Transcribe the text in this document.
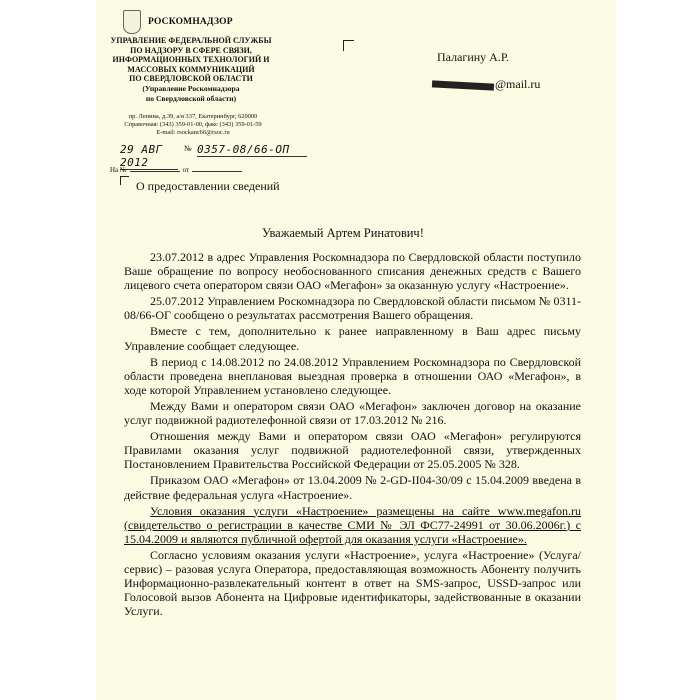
РОСКОМНАДЗОР
УПРАВЛЕНИЕ ФЕДЕРАЛЬНОЙ СЛУЖБЫ
ПО НАДЗОРУ В СФЕРЕ СВЯЗИ,
ИНФОРМАЦИОННЫХ ТЕХНОЛОГИЙ И
МАССОВЫХ КОММУНИКАЦИЙ
ПО СВЕРДЛОВСКОЙ ОБЛАСТИ
(Управление Роскомнадзора
по Свердловской области)
пр. Ленина, д.39, а/я 337, Екатеринбург, 620000
Справочная: (343) 359-01-00, факс (343) 359-01-59
E-mail: rsockanc66@rsoc.ru
29 АВГ 2012
№ 0357-08/66-ОП
На №	от
Палагину А.Р.
@mail.ru
О предоставлении сведений
Уважаемый Артем Ринатович!

23.07.2012 в адрес Управления Роскомнадзора по Свердловской области поступило Ваше обращение по вопросу необоснованного списания денежных средств с Вашего лицевого счета оператором связи ОАО «Мегафон» за оказанную услугу «Настроение».

25.07.2012 Управлением Роскомнадзора по Свердловской области письмом № 0311-08/66-ОГ сообщено о результатах рассмотрения Вашего обращения.

Вместе с тем, дополнительно к ранее направленному в Ваш адрес письму Управление сообщает следующее.

В период с 14.08.2012 по 24.08.2012 Управлением Роскомнадзора по Свердловской области проведена внеплановая выездная проверка в отношении ОАО «Мегафон», в ходе которой Управлением установлено следующее.

Между Вами и оператором связи ОАО «Мегафон» заключен договор на оказание услуг подвижной радиотелефонной связи от 17.03.2012 № 216.

Отношения между Вами и оператором связи ОАО «Мегафон» регулируются Правилами оказания услуг подвижной радиотелефонной связи, утвержденных Постановлением Правительства Российской Федерации от 25.05.2005 № 328.

Приказом ОАО «Мегафон» от 13.04.2009 № 2-GD-II04-30/09 с 15.04.2009 введена в действие федеральная услуга «Настроение».

Условия оказания услуги «Настроение» размещены на сайте www.megafon.ru (свидетельство о регистрации в качестве СМИ № ЭЛ ФС77-24991 от 30.06.2006г.) с 15.04.2009 и являются публичной офертой для оказания услуги «Настроение».

Согласно условиям оказания услуги «Настроение», услуга «Настроение» (Услуга/сервис) – разовая услуга Оператора, предоставляющая возможность Абоненту получить Информационно-развлекательный контент в ответ на SMS-запрос, USSD-запрос или Голосовой вызов Абонента на Цифровые идентификаторы, задействованные в оказании Услуги.
